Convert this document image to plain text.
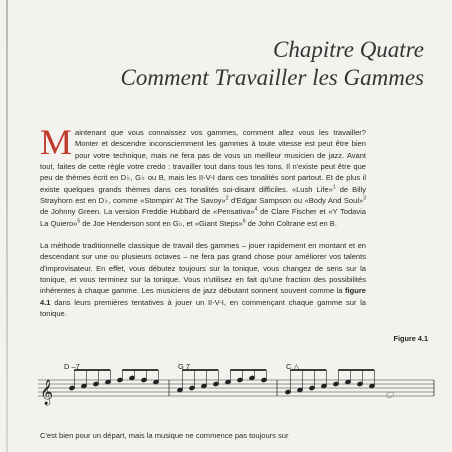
Chapitre Quatre
Comment Travailler les Gammes

M aintenant que vous connaissez vos gammes, comment allez vous les travailler? Monter et descendre inconsciemment les gammes à toute vitesse est peut être bien pour votre technique, mais ne fera pas de vous un meilleur musicien de jazz. Avant tout, faites de cette règle votre credo : travailler tout dans tous les tons. Il n'existe peut être que peu de thèmes écrit en D♭, G♭ ou B, mais les II-V-I dans ces tonalités sont partout. Et de plus il existe quelques grands thèmes dans ces tonalités soi-disant difficiles. «Lush Life»$^1$ de Billy Strayhorn est en D♭, comme «Stompin' At The Savoy»$^2$ d'Edgar Sampson ou «Body And Soul»$^3$ de Johnny Green. La version Freddie Hubbard de «Pensativa»$^4$ de Clare Fischer et «Y Todavia La Quiero»$^5$ de Joe Henderson sont en G♭, et «Giant Steps»$^6$ de John Coltrane est en B.

La méthode traditionnelle classique de travail des gammes – jouer rapidement en montant et en descendant sur une ou plusieurs octaves – ne fera pas grand chose pour améliorer vos talents d'improvisateur. En effet, vous débutez toujours sur la tonique, vous changez de sens sur la tonique, et vous terminez sur la tonique. Vous n'utilisez en fait qu'une fraction des possibilités inhérentes à chaque gamme. Les musiciens de jazz débutant sonnent souvent comme la figure 4.1 dans leurs premières tentatives à jouer un II-V-I, en commençant chaque gamme sur la tonique.

Figure 4.1
D –7	G 7	C △
𝄞
C'est bien pour un départ, mais la musique ne commence pas toujours sur
